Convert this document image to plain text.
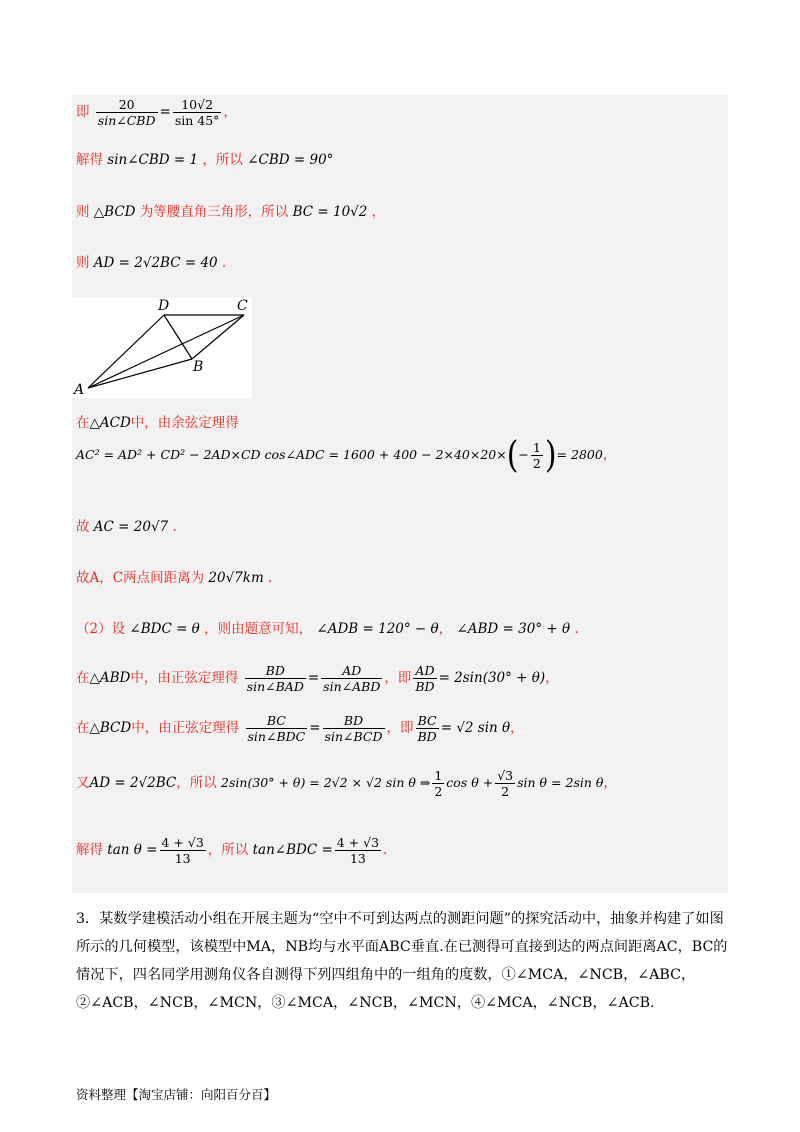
即 $\frac{20}{\text{sin∠CBD}} = \frac{10√2}{\sin 45^\circ}$ ，
解得 sin∠CBD = 1 ，所以 ∠CBD = 90°
则 △BCD 为等腰直角三角形，所以 BC = 10√2 ，
则 AD = 2√2BC = 40 .
A
B
C
D
在△ACD中，由余弦定理得
AC² = AD² + CD² − 2AD×CD cos∠ADC = $1600 + 400 - 2\times 40\times 20\times(- \frac{1}{2}$ )= 2800，
故 AC = 20√7 .
故A，C两点间距离为 20√7km .
（2）设 ∠BDC = θ ，则由题意可知， ∠ADB = 120° − θ， ∠ABD = 30° + θ .
在△ABD中，由正弦定理得 $\frac{BD}{\text{sin∠BAD}} = \frac{AD}{\text{sin∠ABD}}$ ，即 $\frac{AD}{BD} = 2\sin(30^\circ + \theta)$，
在△BCD中，由正弦定理得 $\frac{BC}{\text{sin∠BDC}} = \frac{BD}{\text{sin∠BCD}}$ ，即 $\frac{BC}{BD} = √2$ sin θ，
又AD = 2√2BC，所以 2sin(30° + θ) = 2√2 × √2 sin θ ⇒ $\frac{1}{2}$ $\cos \theta + \frac{√3}{2}$ sin θ = 2sin θ，
解得 $\tan \theta = \frac{4 + √3}{13}$ ，所以 tan∠BDC = $\frac{4 + √3}{13}$ .
3．某数学建模活动小组在开展主题为“空中不可到达两点的测距问题”的探究活动中，抽象并构建了如图所示的几何模型，该模型中MA，NB均与水平面ABC垂直.在已测得可直接到达的两点间距离AC，BC的情况下，四名同学用测角仪各自测得下列四组角中的一组角的度数，①∠MCA，∠NCB，∠ABC，②∠ACB，∠NCB，∠MCN，③∠MCA，∠NCB，∠MCN，④∠MCA，∠NCB，∠ACB.
资料整理【淘宝店铺：向阳百分百】
